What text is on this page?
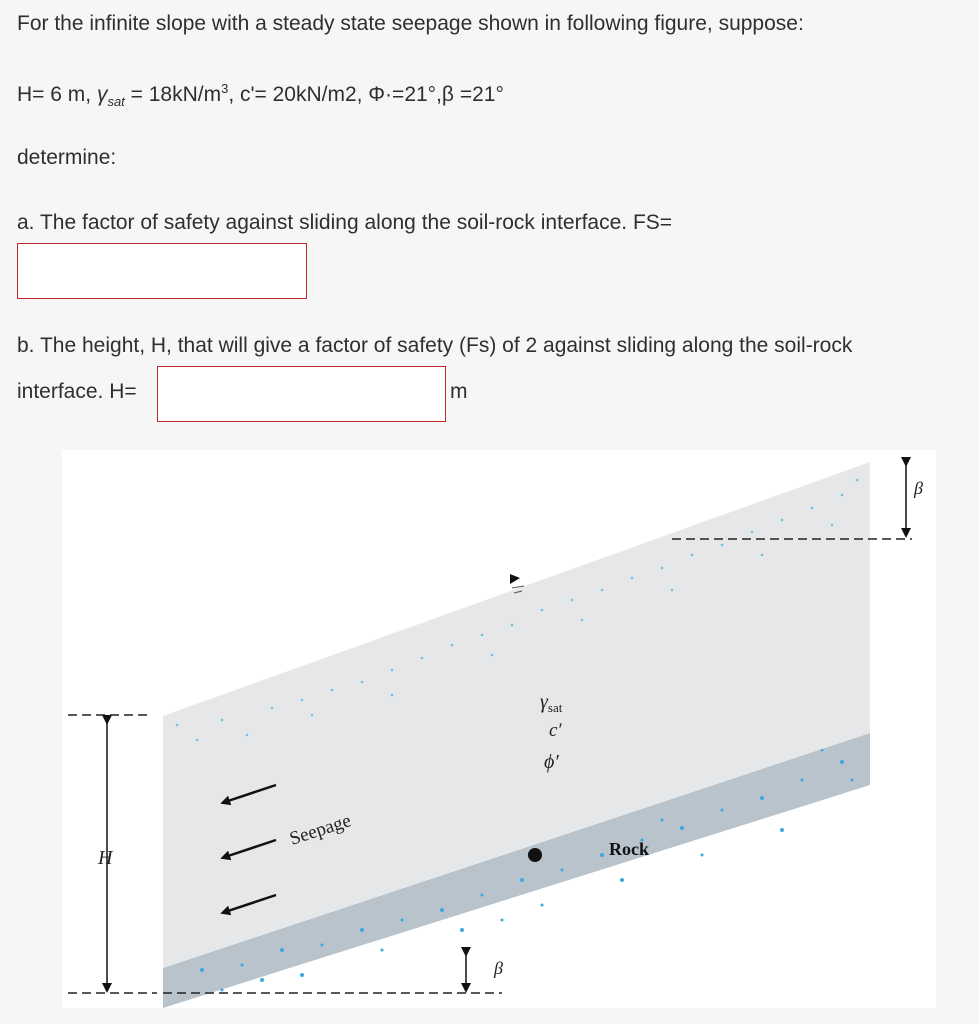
For the infinite slope with a steady state seepage shown in following figure, suppose:
H= 6 m, $\gamma_{sat} = 18kN/m^3$, c'= 20kN/m2, Φ·=21°,β =21°
determine:
a. The factor of safety against sliding along the soil-rock interface. FS=
b. The height, H, that will give a factor of safety (Fs) of 2 against sliding along the soil-rock
interface. H=	m
β
H
β
Seepage
$\gamma_{sat}$
c′
ϕ′
Rock
